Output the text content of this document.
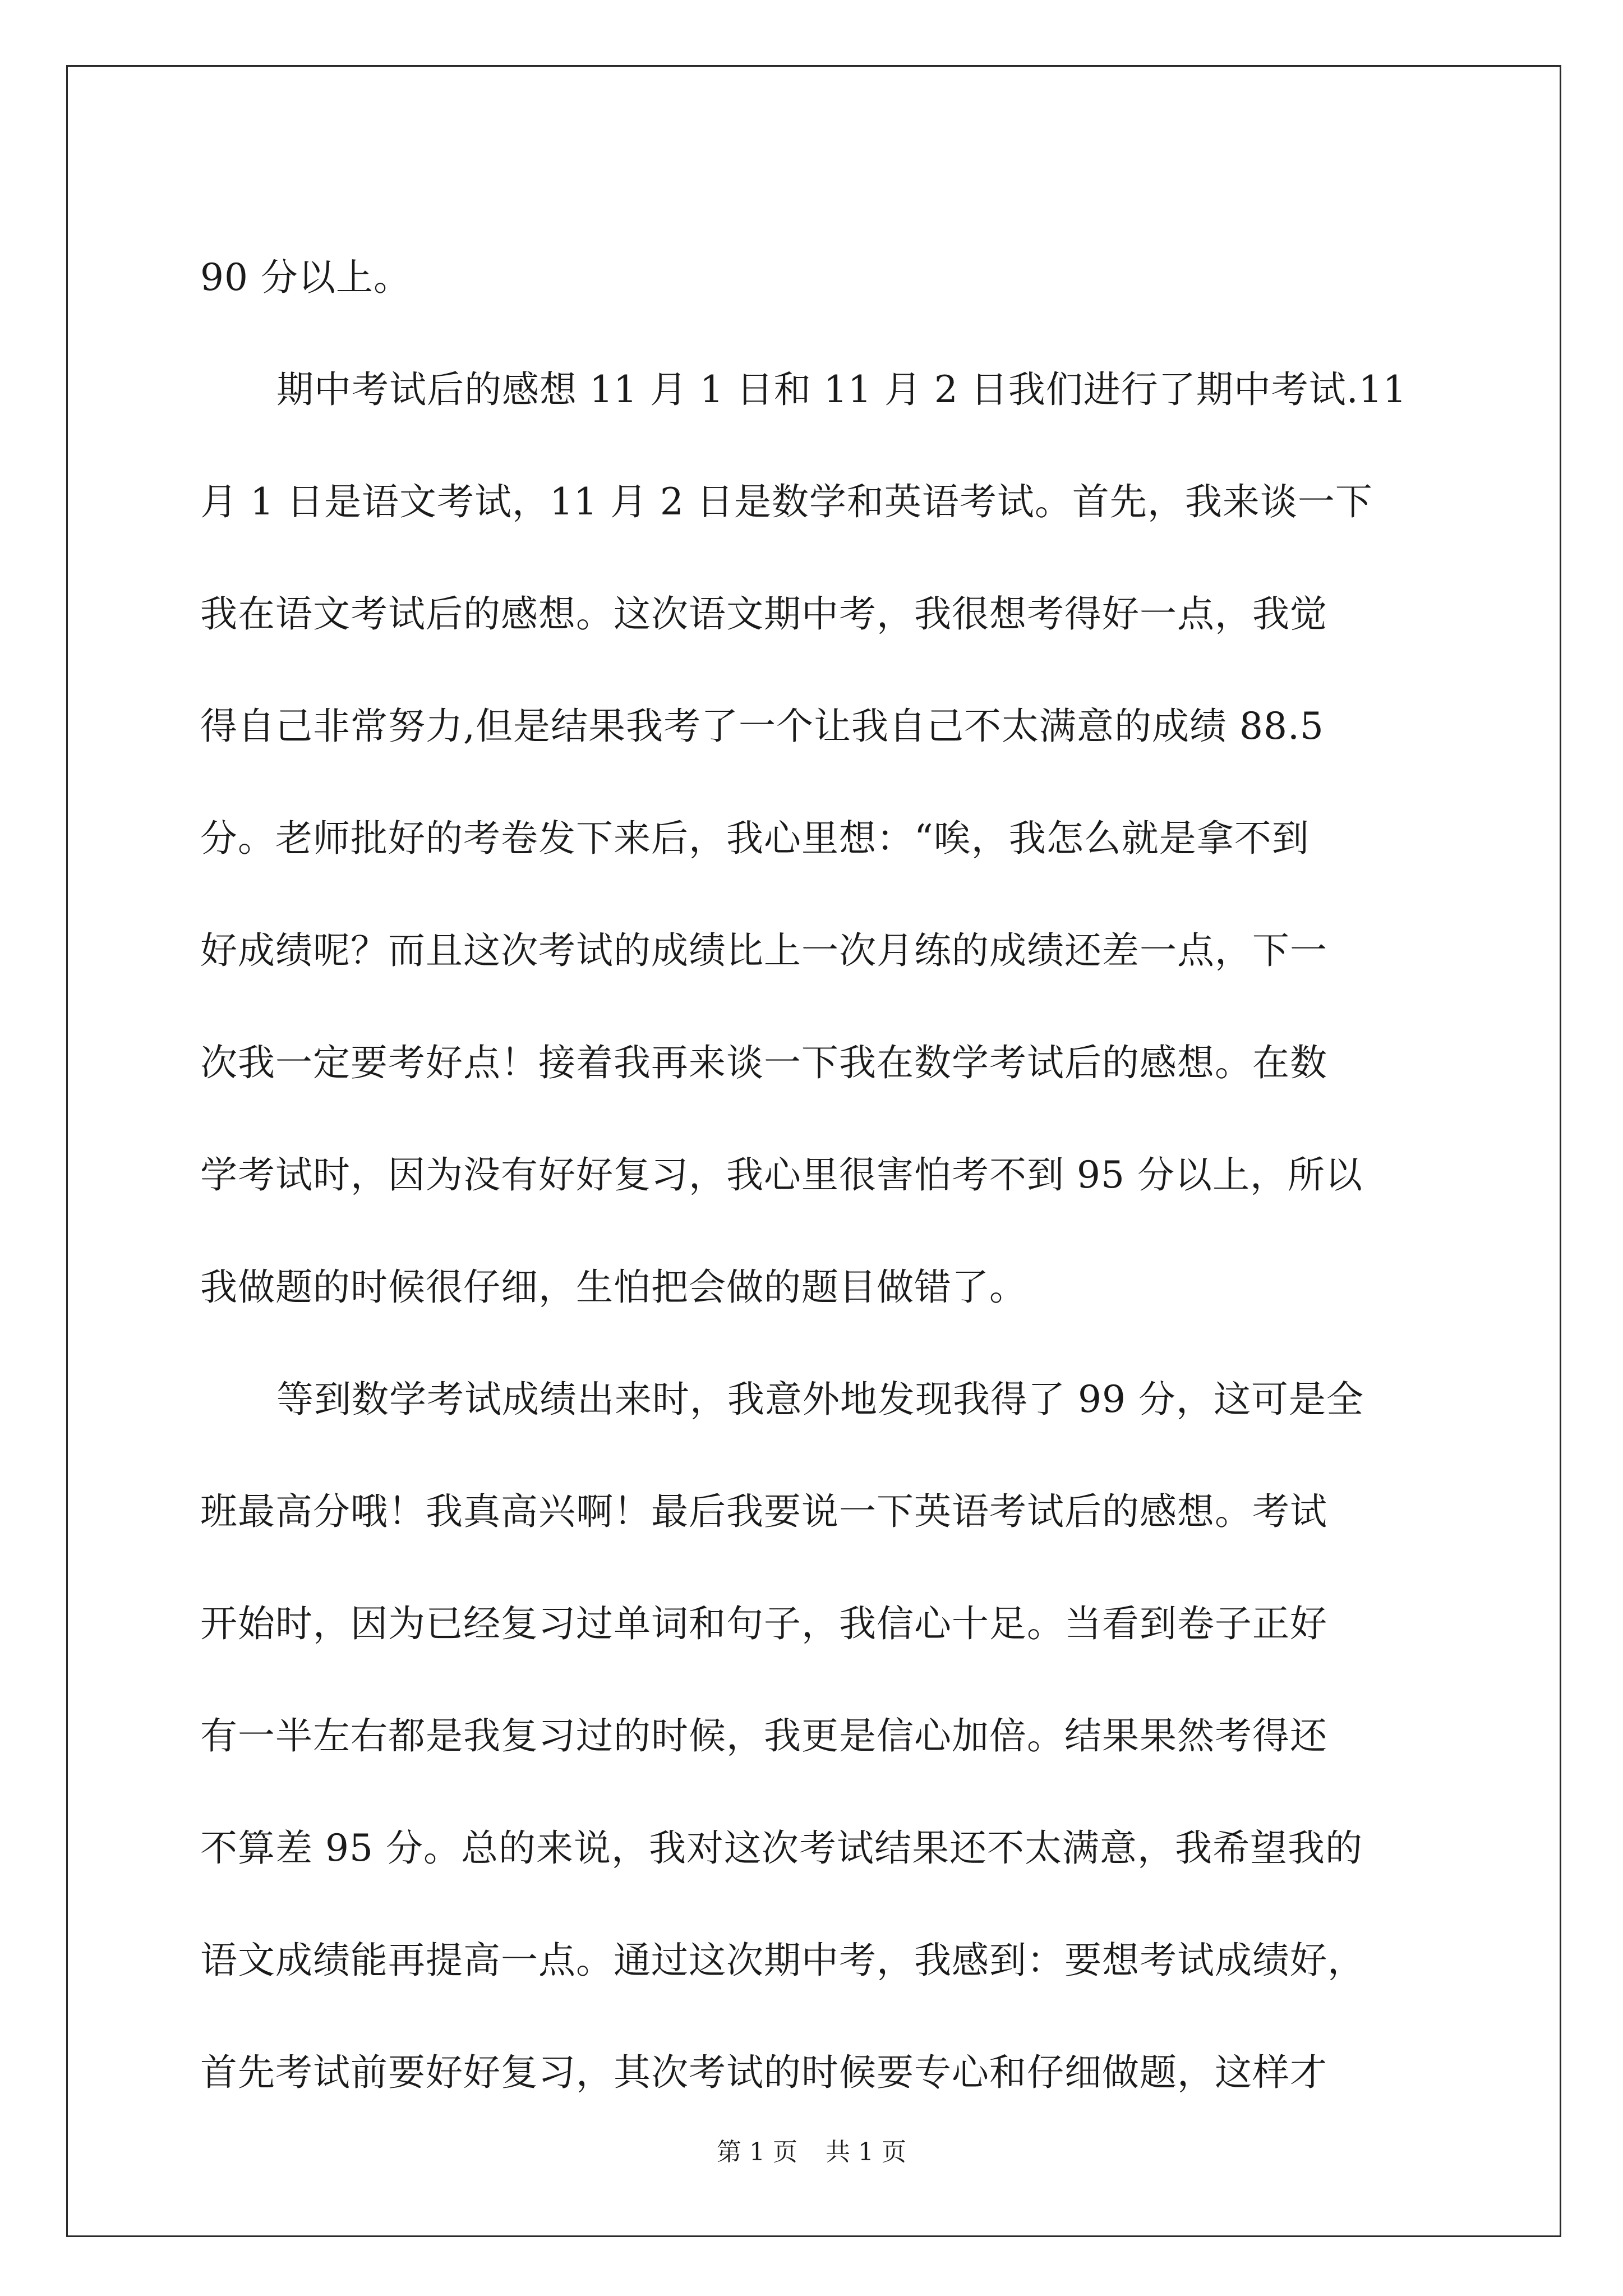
90 分以上。
期中考试后的感想 11 月 1 日和 11 月 2 日我们进行了期中考试.11
月 1 日是语文考试，11 月 2 日是数学和英语考试。首先，我来谈一下
我在语文考试后的感想。这次语文期中考，我很想考得好一点，我觉
得自己非常努力,但是结果我考了一个让我自己不太满意的成绩 88.5
分。老师批好的考卷发下来后，我心里想：“唉，我怎么就是拿不到
好成绩呢？而且这次考试的成绩比上一次月练的成绩还差一点，下一
次我一定要考好点！接着我再来谈一下我在数学考试后的感想。在数
学考试时，因为没有好好复习，我心里很害怕考不到 95 分以上，所以
我做题的时候很仔细，生怕把会做的题目做错了。
等到数学考试成绩出来时，我意外地发现我得了 99 分，这可是全
班最高分哦！我真高兴啊！最后我要说一下英语考试后的感想。考试
开始时，因为已经复习过单词和句子，我信心十足。当看到卷子正好
有一半左右都是我复习过的时候，我更是信心加倍。结果果然考得还
不算差 95 分。总的来说，我对这次考试结果还不太满意，我希望我的
语文成绩能再提高一点。通过这次期中考，我感到：要想考试成绩好，
首先考试前要好好复习，其次考试的时候要专心和仔细做题，这样才
第 1 页 共 1 页
